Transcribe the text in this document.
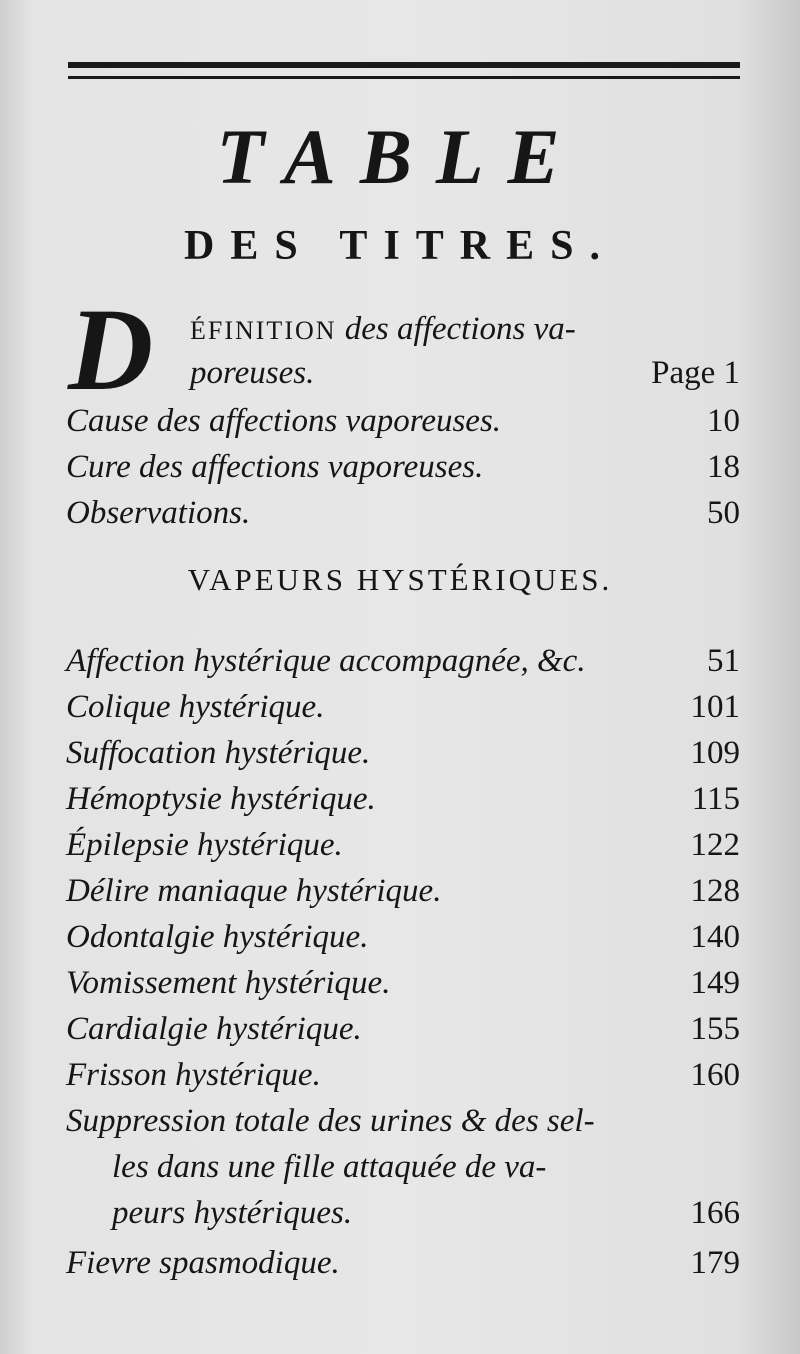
TABLE
DES TITRES.
D ÉFINITION des affections va-
poreuses.	Page 1
Cause des affections vaporeuses.	10
Cure des affections vaporeuses.	18
Observations.	50
VAPEURS HYSTÉRIQUES.
Affection hystérique accompagnée, &c.	51
Colique hystérique.	101
Suffocation hystérique.	109
Hémoptysie hystérique.	115
Épilepsie hystérique.	122
Délire maniaque hystérique.	128
Odontalgie hystérique.	140
Vomissement hystérique.	149
Cardialgie hystérique.	155
Frisson hystérique.	160
Suppression totale des urines & des sel-
les dans une fille attaquée de va-
peurs hystériques.	166
Fievre spasmodique.	179
